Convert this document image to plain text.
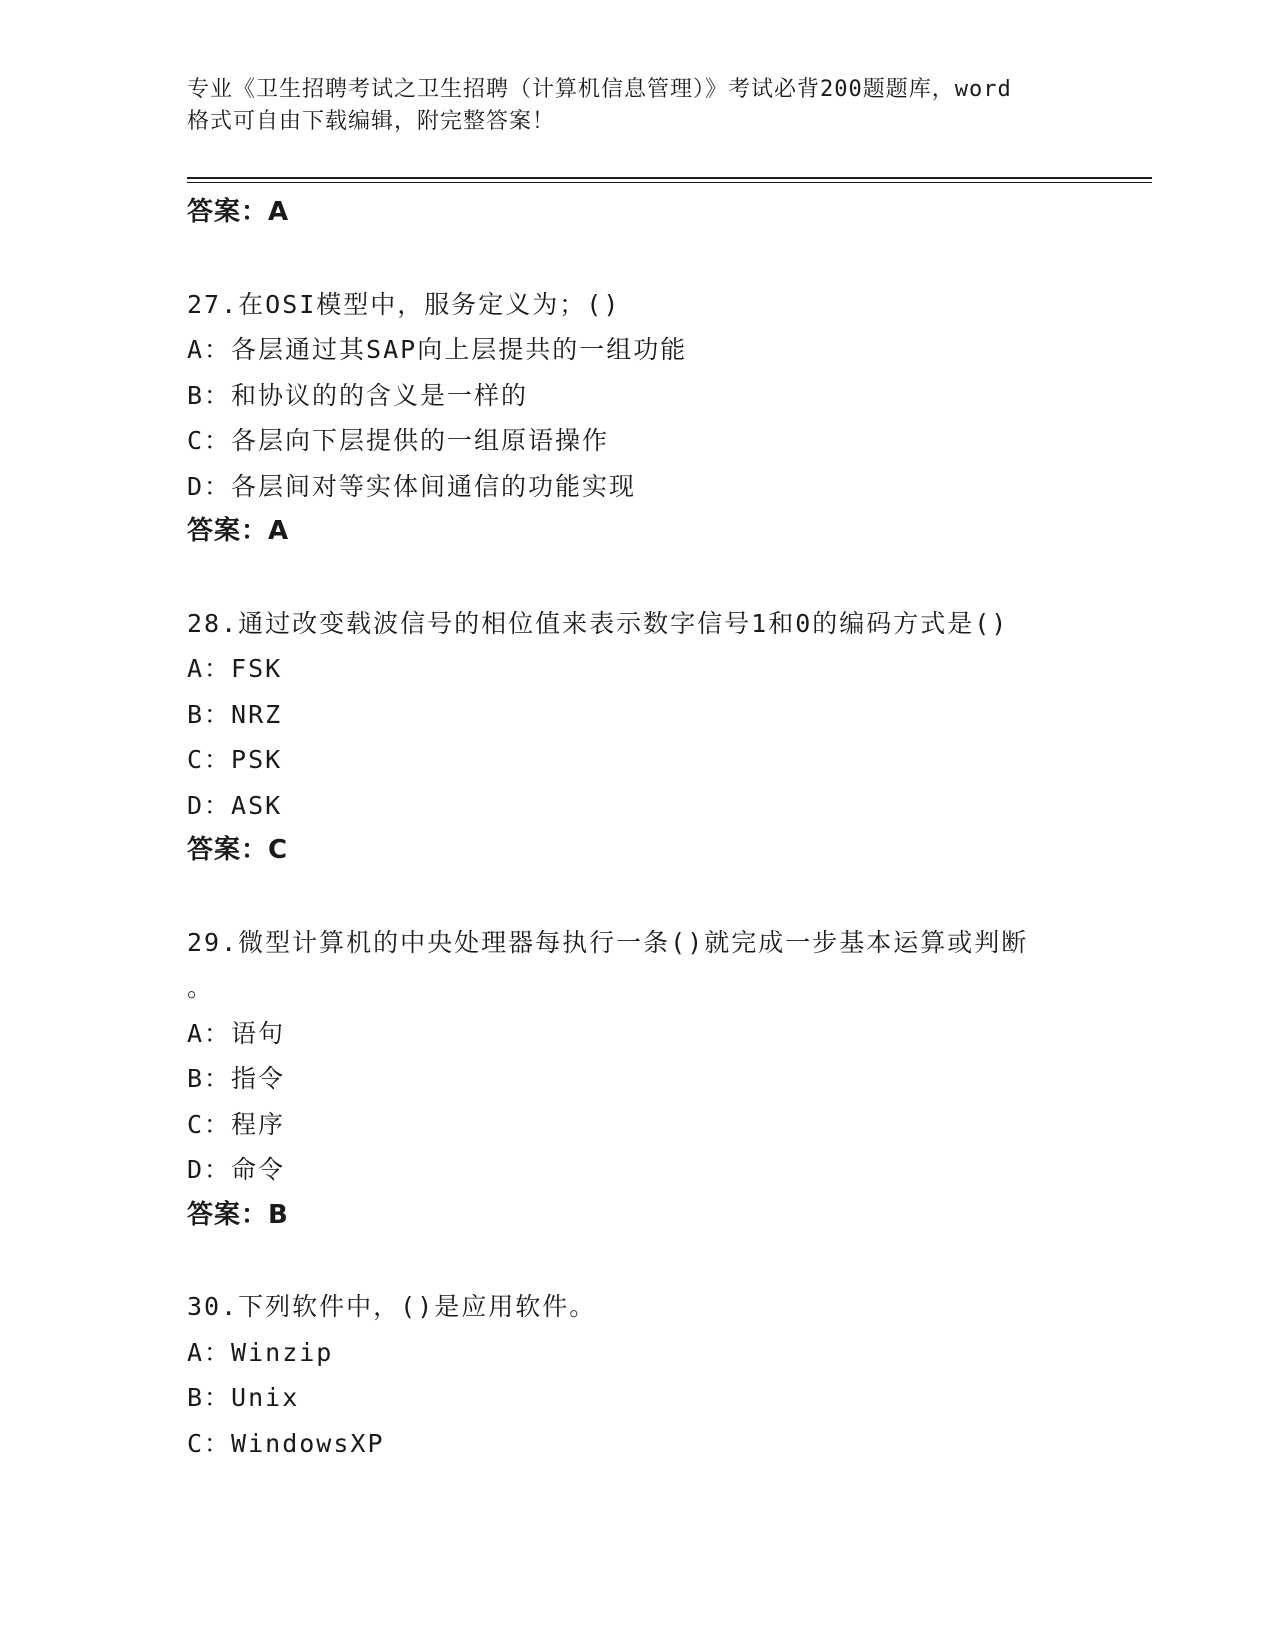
专业《卫生招聘考试之卫生招聘（计算机信息管理）》考试必背200题题库，word
格式可自由下载编辑，附完整答案！
答案：A
27.在OSI模型中，服务定义为；()
A：各层通过其SAP向上层提共的一组功能
B：和协议的的含义是一样的
C：各层向下层提供的一组原语操作
D：各层间对等实体间通信的功能实现
答案：A
28.通过改变载波信号的相位值来表示数字信号1和0的编码方式是()
A：FSK
B：NRZ
C：PSK
D：ASK
答案：C
29.微型计算机的中央处理器每执行一条()就完成一步基本运算或判断
。
A：语句
B：指令
C：程序
D：命令
答案：B
30.下列软件中，()是应用软件。
A：Winzip
B：Unix
C：WindowsXP
